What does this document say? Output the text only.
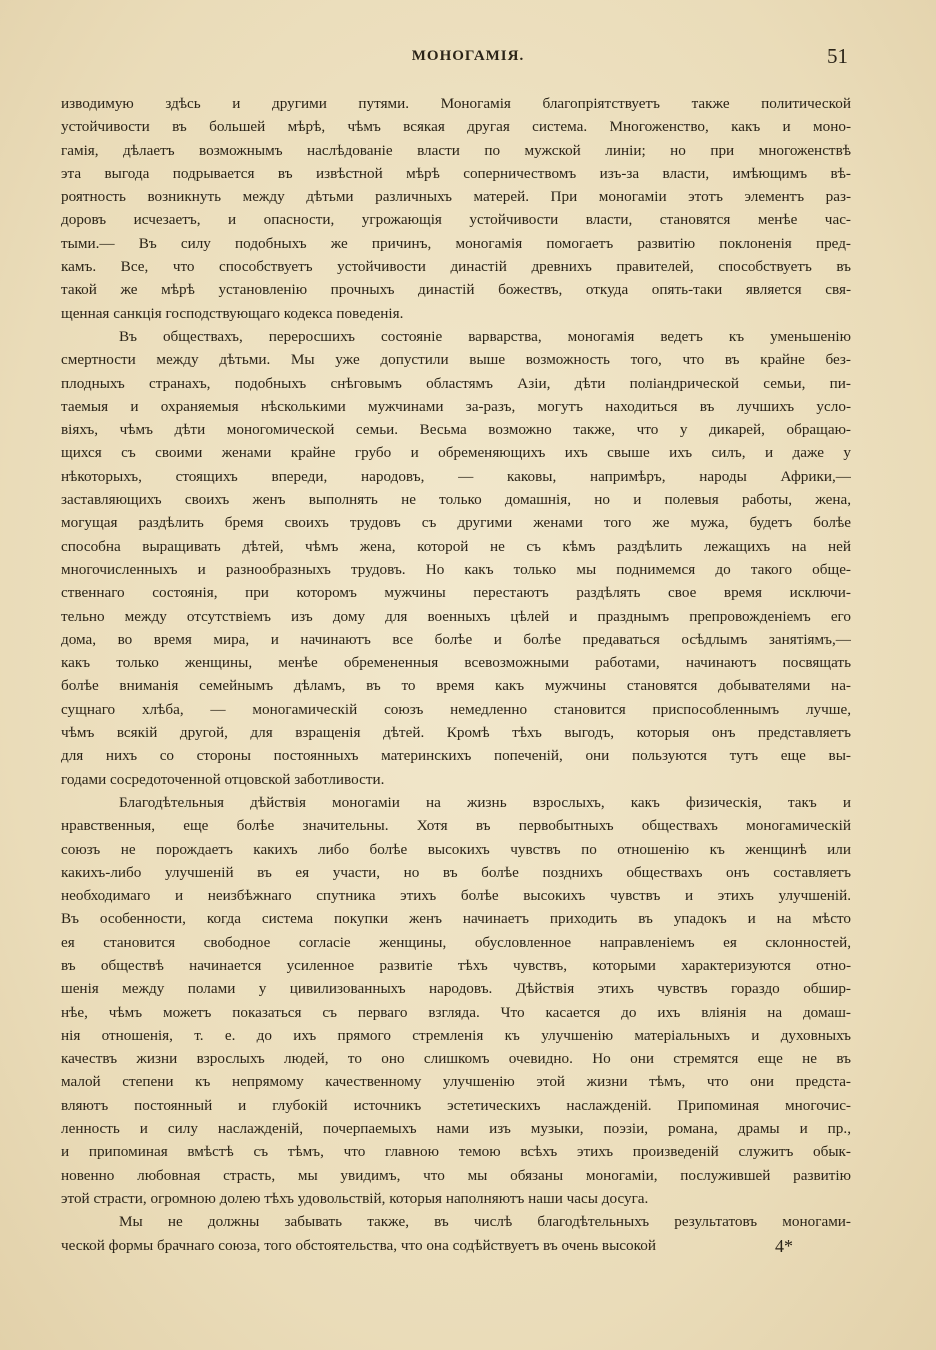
МОНОГАМІЯ.	51
изводимую здѣсь и другими путями. Моногамія благопріятствуетъ также политической
устойчивости въ большей мѣрѣ, чѣмъ всякая другая система. Многоженство, какъ и моно-
гамія, дѣлаетъ возможнымъ наслѣдованіе власти по мужской линіи; но при многоженствѣ
эта выгода подрывается въ извѣстной мѣрѣ соперничествомъ изъ-за власти, имѣющимъ вѣ-
роятность возникнуть между дѣтьми различныхъ матерей. При моногаміи этотъ элементъ раз-
доровъ исчезаетъ, и опасности, угрожающія устойчивости власти, становятся менѣе час-
тыми.— Въ силу подобныхъ же причинъ, моногамія помогаетъ развитію поклоненія пред-
камъ. Все, что способствуетъ устойчивости династій древнихъ правителей, способствуетъ въ
такой же мѣрѣ установленію прочныхъ династій божествъ, откуда опять-таки является свя-
щенная санкція господствующаго кодекса поведенія.
Въ обществахъ, переросшихъ состояніе варварства, моногамія ведетъ къ уменьшенію
смертности между дѣтьми. Мы уже допустили выше возможность того, что въ крайне без-
плодныхъ странахъ, подобныхъ снѣговымъ областямъ Азіи, дѣти поліандрической семьи, пи-
таемыя и охраняемыя нѣсколькими мужчинами за-разъ, могутъ находиться въ лучшихъ усло-
віяхъ, чѣмъ дѣти моногомической семьи. Весьма возможно также, что у дикарей, обращаю-
щихся съ своими женами крайне грубо и обременяющихъ ихъ свыше ихъ силъ, и даже у
нѣкоторыхъ, стоящихъ впереди, народовъ, — каковы, напримѣръ, народы Африки,—
заставляющихъ своихъ женъ выполнять не только домашнія, но и полевыя работы, жена,
могущая раздѣлить бремя своихъ трудовъ съ другими женами того же мужа, будетъ болѣе
способна выращивать дѣтей, чѣмъ жена, которой не съ кѣмъ раздѣлить лежащихъ на ней
многочисленныхъ и разнообразныхъ трудовъ. Но какъ только мы поднимемся до такого обще-
ственнаго состоянія, при которомъ мужчины перестаютъ раздѣлять свое время исключи-
тельно между отсутствіемъ изъ дому для военныхъ цѣлей и празднымъ препровожденіемъ его
дома, во время мира, и начинаютъ все болѣе и болѣе предаваться осѣдлымъ занятіямъ,—
какъ только женщины, менѣе обремененныя всевозможными работами, начинаютъ посвящать
болѣе вниманія семейнымъ дѣламъ, въ то время какъ мужчины становятся добывателями на-
сущнаго хлѣба, — моногамическій союзъ немедленно становится приспособленнымъ лучше,
чѣмъ всякій другой, для взращенія дѣтей. Кромѣ тѣхъ выгодъ, которыя онъ представляетъ
для нихъ со стороны постоянныхъ материнскихъ попеченій, они пользуются тутъ еще вы-
годами сосредоточенной отцовской заботливости.
Благодѣтельныя дѣйствія моногаміи на жизнь взрослыхъ, какъ физическія, такъ и
нравственныя, еще болѣе значительны. Хотя въ первобытныхъ обществахъ моногамическій
союзъ не порождаетъ какихъ либо болѣе высокихъ чувствъ по отношенію къ женщинѣ или
какихъ-либо улучшеній въ ея участи, но въ болѣе позднихъ обществахъ онъ составляетъ
необходимаго и неизбѣжнаго спутника этихъ болѣе высокихъ чувствъ и этихъ улучшеній.
Въ особенности, когда система покупки женъ начинаетъ приходить въ упадокъ и на мѣсто
ея становится свободное согласіе женщины, обусловленное направленіемъ ея склонностей,
въ обществѣ начинается усиленное развитіе тѣхъ чувствъ, которыми характеризуются отно-
шенія между полами у цивилизованныхъ народовъ. Дѣйствія этихъ чувствъ гораздо обшир-
нѣе, чѣмъ можетъ показаться съ перваго взгляда. Что касается до ихъ вліянія на домаш-
нія отношенія, т. е. до ихъ прямого стремленія къ улучшенію матеріальныхъ и духовныхъ
качествъ жизни взрослыхъ людей, то оно слишкомъ очевидно. Но они стремятся еще не въ
малой степени къ непрямому качественному улучшенію этой жизни тѣмъ, что они предста-
вляютъ постоянный и глубокій источникъ эстетическихъ наслажденій. Припоминая многочис-
ленность и силу наслажденій, почерпаемыхъ нами изъ музыки, поэзіи, романа, драмы и пр.,
и припоминая вмѣстѣ съ тѣмъ, что главною темою всѣхъ этихъ произведеній служитъ обык-
новенно любовная страсть, мы увидимъ, что мы обязаны моногаміи, послужившей развитію
этой страсти, огромною долею тѣхъ удовольствій, которыя наполняютъ наши часы досуга.
Мы не должны забывать также, въ числѣ благодѣтельныхъ результатовъ моногами-
ческой формы брачнаго союза, того обстоятельства, что она содѣйствуетъ въ очень высокой	4*
